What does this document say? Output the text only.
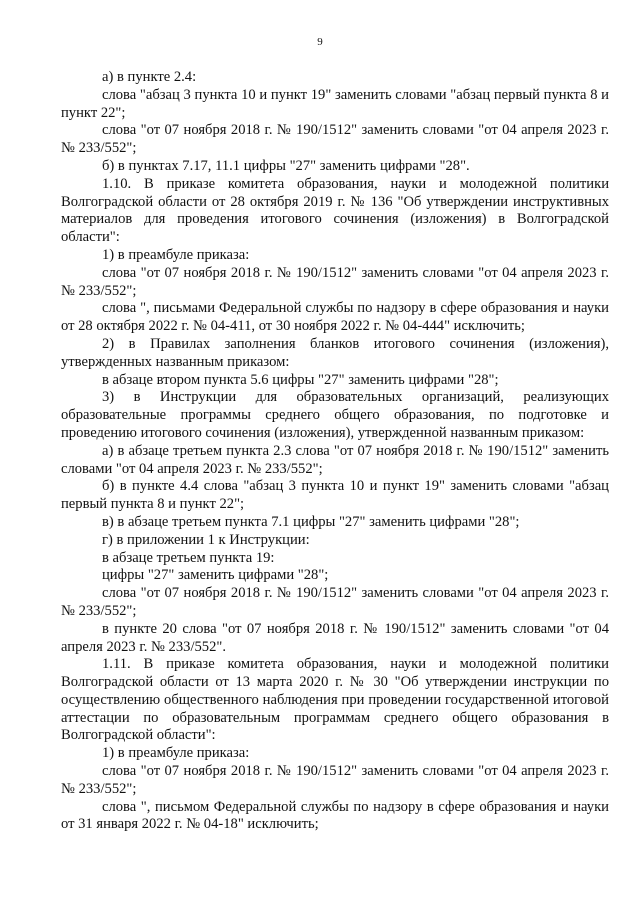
9

а) в пункте 2.4:

слова "абзац 3 пункта 10 и пункт 19" заменить словами "абзац первый пункта 8 и пункт 22";

слова "от 07 ноября 2018 г. № 190/1512" заменить словами "от 04 апреля 2023 г. № 233/552";

б) в пунктах 7.17, 11.1 цифры "27" заменить цифрами "28".

1.10. В приказе комитета образования, науки и молодежной политики Волгоградской области от 28 октября 2019 г. № 136 "Об утверждении инструктивных материалов для проведения итогового сочинения (изложения) в Волгоградской области":

1) в преамбуле приказа:

слова "от 07 ноября 2018 г. № 190/1512" заменить словами "от 04 апреля 2023 г. № 233/552";

слова ", письмами Федеральной службы по надзору в сфере образования и науки от 28 октября 2022 г. № 04-411, от 30 ноября 2022 г. № 04-444" исключить;

2) в Правилах заполнения бланков итогового сочинения (изложения), утвержденных названным приказом:

в абзаце втором пункта 5.6 цифры "27" заменить цифрами "28";

3) в Инструкции для образовательных организаций, реализующих образовательные программы среднего общего образования, по подготовке и проведению итогового сочинения (изложения), утвержденной названным приказом:

а) в абзаце третьем пункта 2.3 слова "от 07 ноября 2018 г. № 190/1512" заменить словами "от 04 апреля 2023 г. № 233/552";

б) в пункте 4.4 слова "абзац 3 пункта 10 и пункт 19" заменить словами "абзац первый пункта 8 и пункт 22";

в) в абзаце третьем пункта 7.1 цифры "27" заменить цифрами "28";

г) в приложении 1 к Инструкции:

в абзаце третьем пункта 19:

цифры "27" заменить цифрами "28";

слова "от 07 ноября 2018 г. № 190/1512" заменить словами "от 04 апреля 2023 г. № 233/552";

в пункте 20 слова "от 07 ноября 2018 г. № 190/1512" заменить словами "от 04 апреля 2023 г. № 233/552".

1.11. В приказе комитета образования, науки и молодежной политики Волгоградской области от 13 марта 2020 г. № 30 "Об утверждении инструкции по осуществлению общественного наблюдения при проведении государственной итоговой аттестации по образовательным программам среднего общего образования в Волгоградской области":

1) в преамбуле приказа:

слова "от 07 ноября 2018 г. № 190/1512" заменить словами "от 04 апреля 2023 г. № 233/552";

слова ", письмом Федеральной службы по надзору в сфере образования и науки от 31 января 2022 г. № 04-18" исключить;
